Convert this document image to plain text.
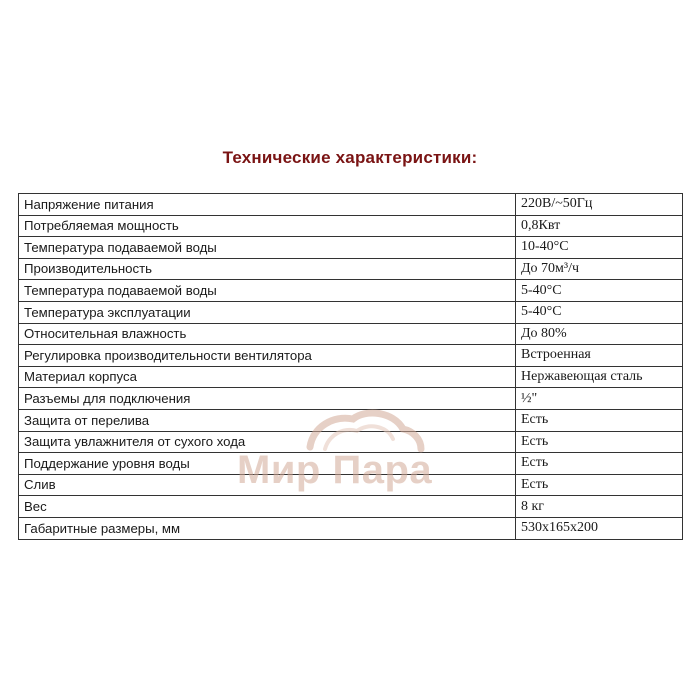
Технические характеристики:
Напряжение питания	220В/~50Гц
Потребляемая мощность	0,8Квт
Температура подаваемой воды	10-40°С
Производительность	До 70м³/ч
Температура подаваемой воды	5-40°С
Температура эксплуатации	5-40°С
Относительная влажность	До 80%
Регулировка производительности вентилятора	Встроенная
Материал корпуса	Нержавеющая сталь
Разъемы для подключения	½"
Защита от перелива	Есть
Защита увлажнителя от сухого хода	Есть
Поддержание уровня воды	Есть
Слив	Есть
Вес	8 кг
Габаритные размеры, мм	530х165х200
Мир Пара
